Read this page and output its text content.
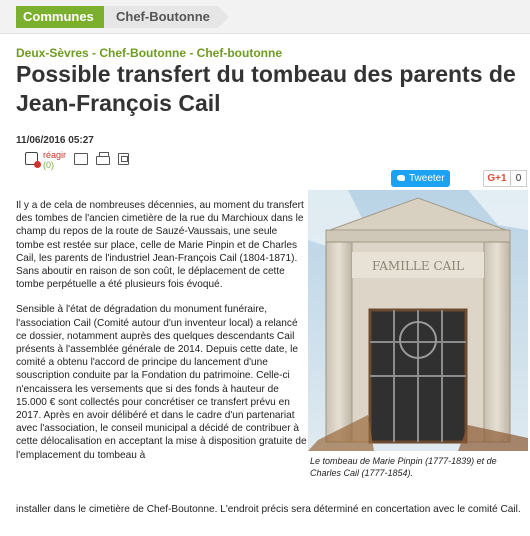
Communes	Chef-Boutonne
Deux-Sèvres - Chef-Boutonne - Chef-boutonne
Possible transfert du tombeau des parents de Jean-François Cail
11/06/2016 05:27
réagir
(0)
Tweeter	G+1 0

Il y a de cela de nombreuses décennies, au moment du transfert des tombes de l'ancien cimetière de la rue du Marchioux dans le champ du repos de la route de Sauzé-Vaussais, une seule tombe est restée sur place, celle de Marie Pinpin et de Charles Cail, les parents de l'industriel Jean-François Cail (1804-1871). Sans aboutir en raison de son coût, le déplacement de cette tombe perpétuelle a été plusieurs fois évoqué.

Sensible à l'état de dégradation du monument funéraire, l'association Cail (Comité autour d'un inventeur local) a relancé ce dossier, notamment auprès des quelques descendants Cail présents à l'assemblée générale de 2014. Depuis cette date, le comité a obtenu l'accord de principe du lancement d'une souscription conduite par la Fondation du patrimoine. Celle-ci n'encaissera les versements que si des fonds à hauteur de 15.000 € sont collectés pour concrétiser ce transfert prévu en 2017. Après en avoir délibéré et dans le cadre d'un partenariat avec l'association, le conseil municipal a décidé de contribuer à cette délocalisation en acceptant la mise à disposition gratuite de l'emplacement du tombeau à

installer dans le cimetière de Chef-Boutonne. L'endroit précis sera déterminé en concertation avec le comité Cail.
FAMILLE CAIL
Le tombeau de Marie Pinpin (1777-1839) et de Charles Cail (1777-1854).
